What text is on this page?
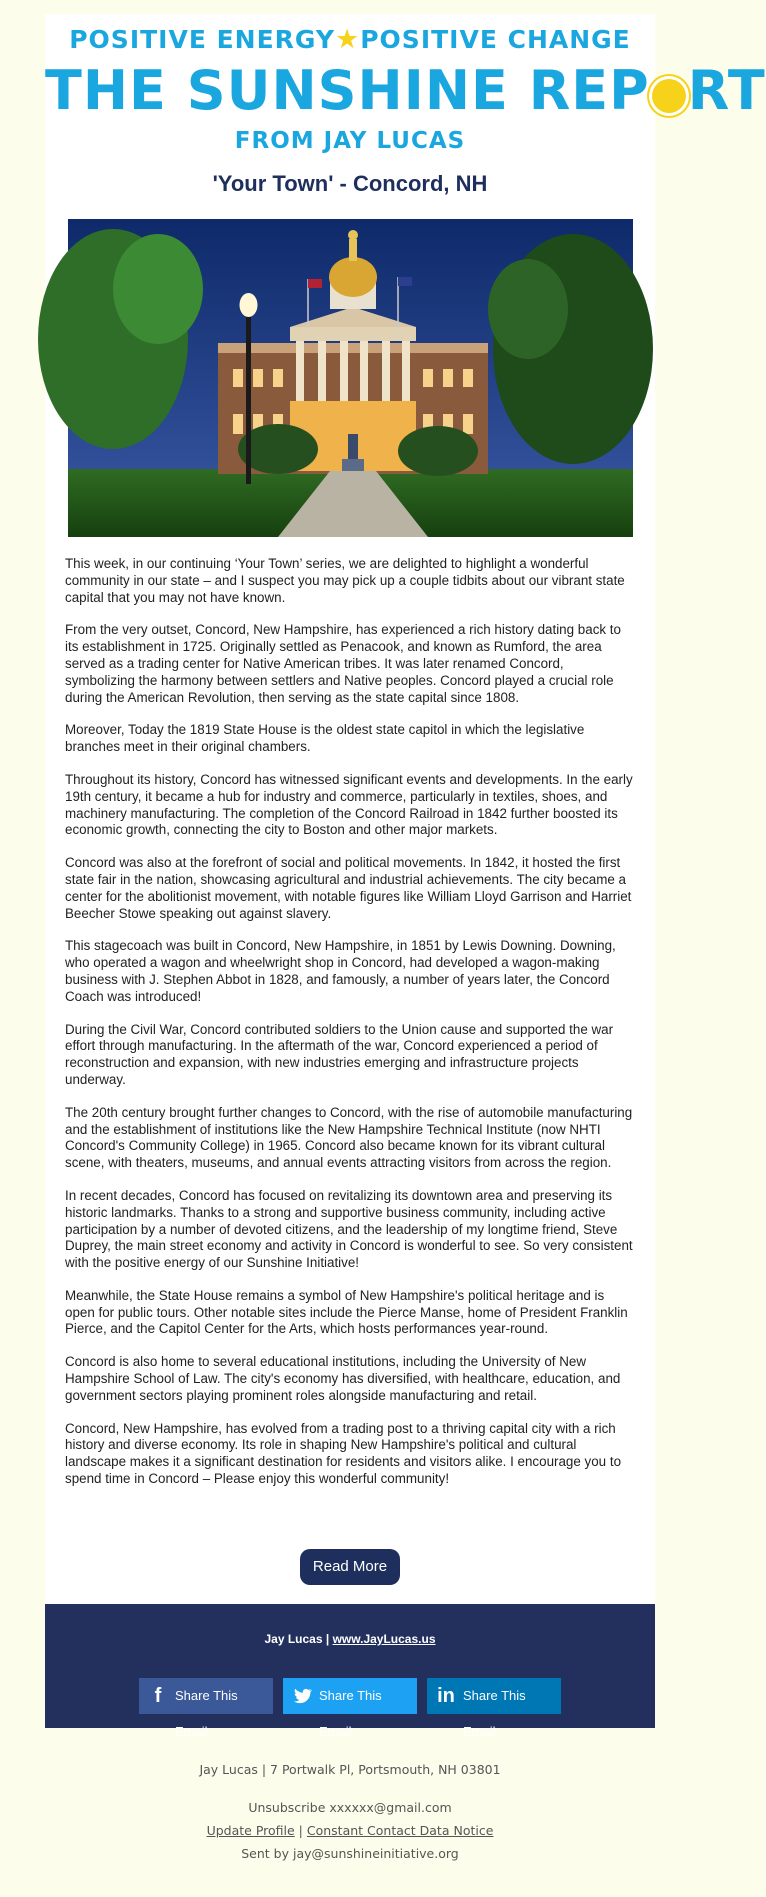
POSITIVE ENERGY★POSITIVE CHANGE
THE SUNSHINE REP RT
FROM JAY LUCAS
'Your Town' - Concord, NH

This week, in our continuing ‘Your Town’ series, we are delighted to highlight a wonderful community in our state – and I suspect you may pick up a couple tidbits about our vibrant state capital that you may not have known.

From the very outset, Concord, New Hampshire, has experienced a rich history dating back to its establishment in 1725. Originally settled as Penacook, and known as Rumford, the area served as a trading center for Native American tribes. It was later renamed Concord, symbolizing the harmony between settlers and Native peoples. Concord played a crucial role during the American Revolution, then serving as the state capital since 1808.

Moreover, Today the 1819 State House is the oldest state capitol in which the legislative branches meet in their original chambers.

Throughout its history, Concord has witnessed significant events and developments. In the early 19th century, it became a hub for industry and commerce, particularly in textiles, shoes, and machinery manufacturing. The completion of the Concord Railroad in 1842 further boosted its economic growth, connecting the city to Boston and other major markets.

Concord was also at the forefront of social and political movements. In 1842, it hosted the first state fair in the nation, showcasing agricultural and industrial achievements. The city became a center for the abolitionist movement, with notable figures like William Lloyd Garrison and Harriet Beecher Stowe speaking out against slavery.

This stagecoach was built in Concord, New Hampshire, in 1851 by Lewis Downing. Downing, who operated a wagon and wheelwright shop in Concord, had developed a wagon-making business with J. Stephen Abbot in 1828, and famously, a number of years later, the Concord Coach was introduced!

During the Civil War, Concord contributed soldiers to the Union cause and supported the war effort through manufacturing. In the aftermath of the war, Concord experienced a period of reconstruction and expansion, with new industries emerging and infrastructure projects underway.

The 20th century brought further changes to Concord, with the rise of automobile manufacturing and the establishment of institutions like the New Hampshire Technical Institute (now NHTI Concord's Community College) in 1965. Concord also became known for its vibrant cultural scene, with theaters, museums, and annual events attracting visitors from across the region.

In recent decades, Concord has focused on revitalizing its downtown area and preserving its historic landmarks. Thanks to a strong and supportive business community, including active participation by a number of devoted citizens, and the leadership of my longtime friend, Steve Duprey, the main street economy and activity in Concord is wonderful to see. So very consistent with the positive energy of our Sunshine Initiative!

Meanwhile, the State House remains a symbol of New Hampshire's political heritage and is open for public tours. Other notable sites include the Pierce Manse, home of President Franklin Pierce, and the Capitol Center for the Arts, which hosts performances year-round.

Concord is also home to several educational institutions, including the University of New Hampshire School of Law. The city's economy has diversified, with healthcare, education, and government sectors playing prominent roles alongside manufacturing and retail.

Concord, New Hampshire, has evolved from a trading post to a thriving capital city with a rich history and diverse economy. Its role in shaping New Hampshire's political and cultural landscape makes it a significant destination for residents and visitors alike. I encourage you to spend time in Concord – Please enjoy this wonderful community!

Read More
Jay Lucas | www.JayLucas.us
f	Share This Email
Share This Email
in Share This Email
Jay Lucas | 7 Portwalk Pl, Portsmouth, NH 03801
Unsubscribe xxxxxx@gmail.com
Update Profile | Constant Contact Data Notice
Sent by jay@sunshineinitiative.org
